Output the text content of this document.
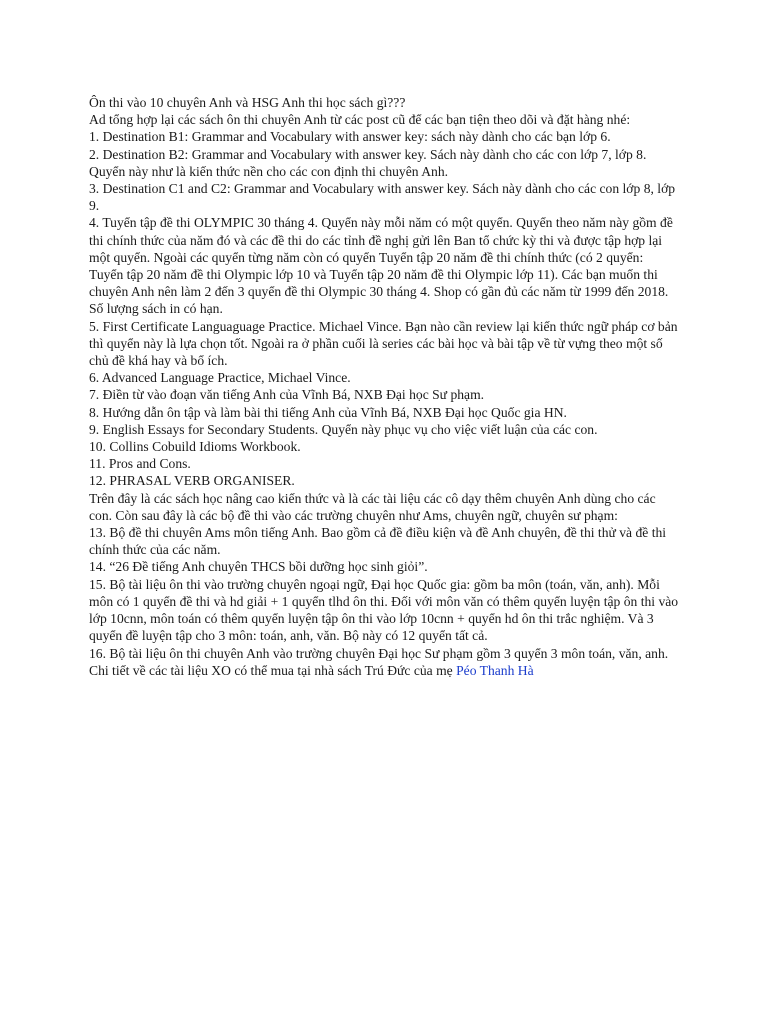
Ôn thi vào 10 chuyên Anh và HSG Anh thi học sách gì???

Ad tổng hợp lại các sách ôn thi chuyên Anh từ các post cũ để các bạn tiện theo dõi và đặt hàng nhé:

1. Destination B1: Grammar and Vocabulary with answer key: sách này dành cho các bạn lớp 6.

2. Destination B2: Grammar and Vocabulary with answer key. Sách này dành cho các con lớp 7, lớp 8. Quyển này như là kiến thức nền cho các con định thi chuyên Anh.

3. Destination C1 and C2: Grammar and Vocabulary with answer key. Sách này dành cho các con lớp 8, lớp 9.

4. Tuyển tập đề thi OLYMPIC 30 tháng 4. Quyển này mỗi năm có một quyển. Quyển theo năm này gồm đề thi chính thức của năm đó và các đề thi do các tỉnh đề nghị gửi lên Ban tổ chức kỳ thi và được tập hợp lại một quyển. Ngoài các quyển từng năm còn có quyển Tuyển tập 20 năm đề thi chính thức (có 2 quyển: Tuyển tập 20 năm đề thi Olympic lớp 10 và Tuyển tập 20 năm đề thi Olympic lớp 11). Các bạn muốn thi chuyên Anh nên làm 2 đến 3 quyển đề thi Olympic 30 tháng 4. Shop có gần đủ các năm từ 1999 đến 2018. Số lượng sách in có hạn.

5. First Certificate Languaguage Practice. Michael Vince. Bạn nào cần review lại kiến thức ngữ pháp cơ bản thì quyển này là lựa chọn tốt. Ngoài ra ở phần cuối là series các bài học và bài tập về từ vựng theo một số chủ đề khá hay và bổ ích.

6. Advanced Language Practice, Michael Vince.

7. Điền từ vào đoạn văn tiếng Anh của Vĩnh Bá, NXB Đại học Sư phạm.

8. Hướng dẫn ôn tập và làm bài thi tiếng Anh của Vĩnh Bá, NXB Đại học Quốc gia HN.

9. English Essays for Secondary Students. Quyển này phục vụ cho việc viết luận của các con.

10. Collins Cobuild Idioms Workbook.

11. Pros and Cons.

12. PHRASAL VERB ORGANISER.

Trên đây là các sách học nâng cao kiến thức và là các tài liệu các cô dạy thêm chuyên Anh dùng cho các con. Còn sau đây là các bộ đề thi vào các trường chuyên như Ams, chuyên ngữ, chuyên sư phạm:

13. Bộ đề thi chuyên Ams môn tiếng Anh. Bao gồm cả đề điều kiện và đề Anh chuyên, đề thi thử và đề thi chính thức của các năm.

14. “26 Đề tiếng Anh chuyên THCS bồi dưỡng học sinh giỏi”.

15. Bộ tài liệu ôn thi vào trường chuyên ngoại ngữ, Đại học Quốc gia: gồm ba môn (toán, văn, anh). Mỗi môn có 1 quyển đề thi và hd giải + 1 quyển tlhd ôn thi. Đối với môn văn có thêm quyển luyện tập ôn thi vào lớp 10cnn, môn toán có thêm quyển luyện tập ôn thi vào lớp 10cnn + quyển hd ôn thi trắc nghiệm. Và 3 quyển đề luyện tập cho 3 môn: toán, anh, văn. Bộ này có 12 quyển tất cả.

16. Bộ tài liệu ôn thi chuyên Anh vào trường chuyên Đại học Sư phạm gồm 3 quyển 3 môn toán, văn, anh.

Chi tiết về các tài liệu XO có thể mua tại nhà sách Trú Đức của mẹ Péo Thanh Hà
